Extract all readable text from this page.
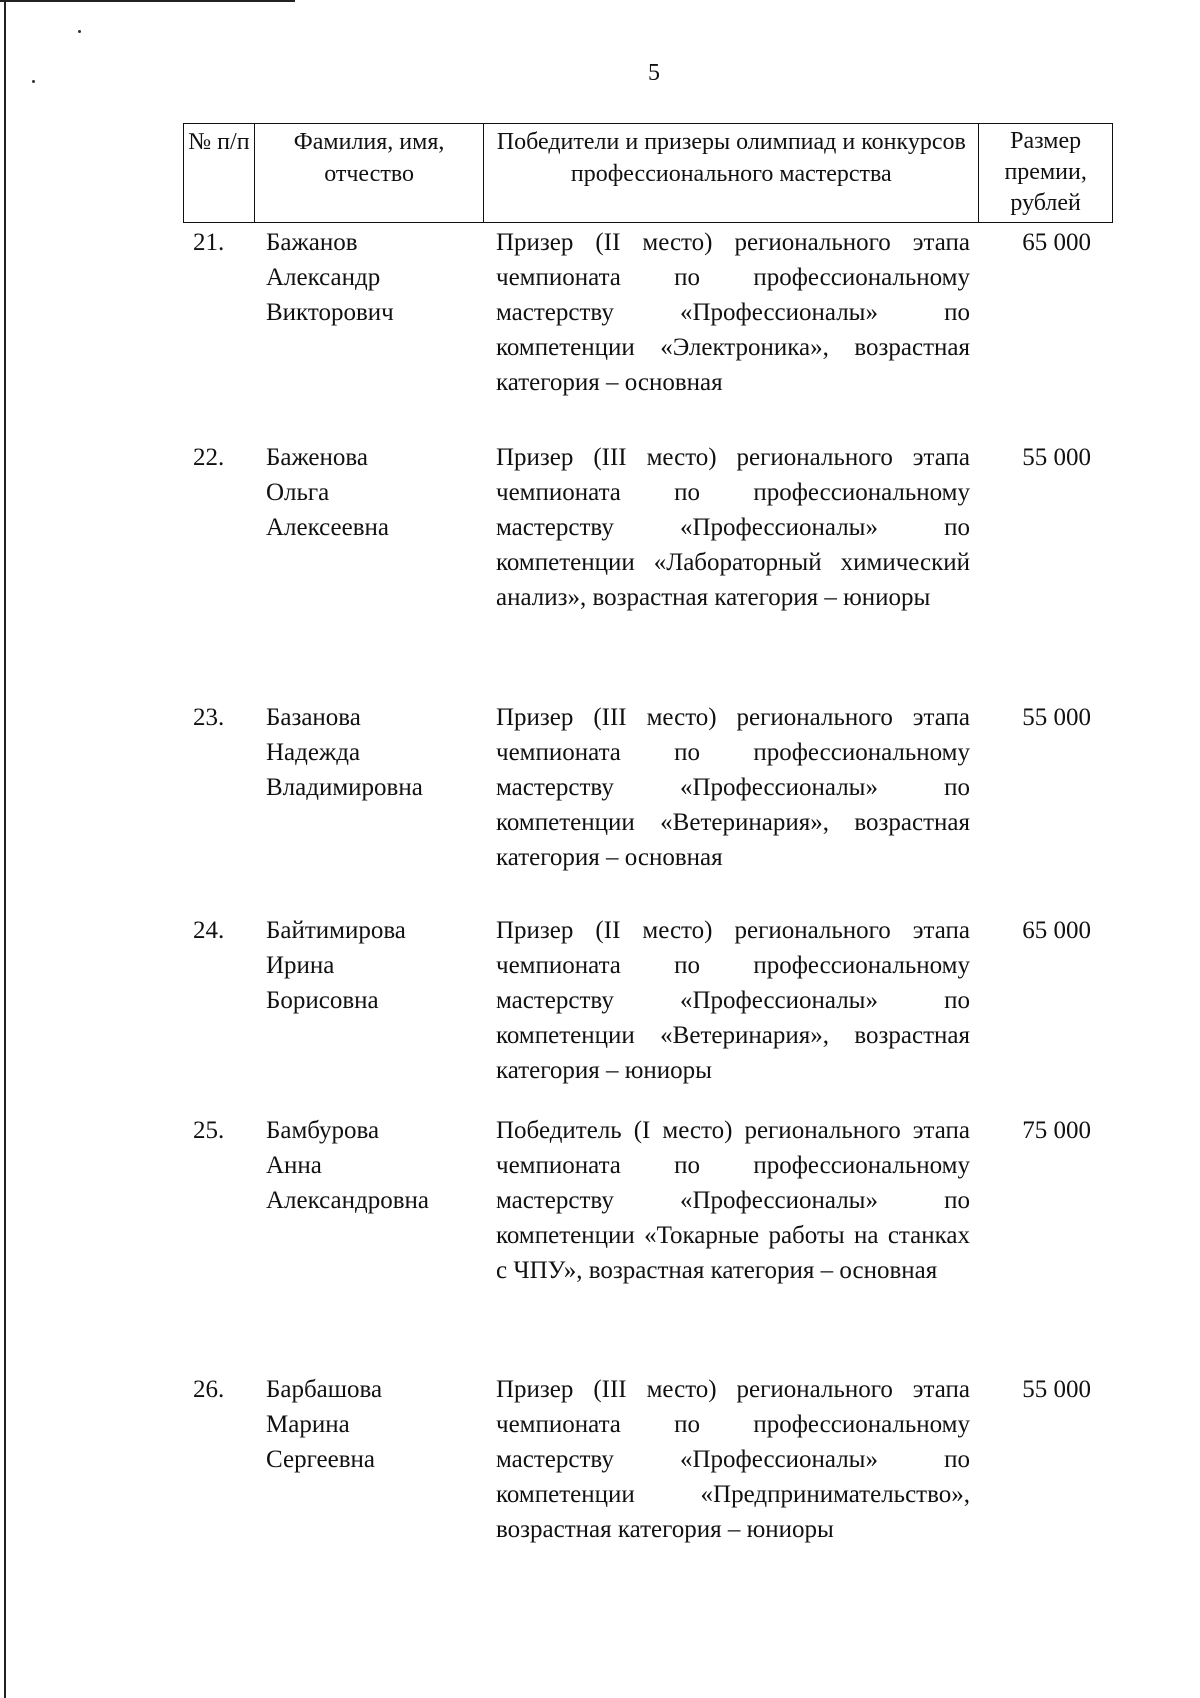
5
№ п/п	Фамилия, имя, отчество
Победители и призеры олимпиад и конкурсов профессионального мастерства
Размер премии, рублей
21. Бажанов
Александр
Викторович
Призер (II место) регионального этапа чемпионата по профессиональному мастерству «Профессионалы» по компетенции «Электроника», возрастная категория – основная
65 000
22. Баженова
Ольга
Алексеевна
Призер (III место) регионального этапа чемпионата по профессиональному мастерству «Профессионалы» по компетенции «Лабораторный химический анализ», возрастная категория – юниоры
55 000
23. Базанова
Надежда
Владимировна
Призер (III место) регионального этапа чемпионата по профессиональному мастерству «Профессионалы» по компетенции «Ветеринария», возрастная категория – основная
55 000
24. Байтимирова
Ирина
Борисовна
Призер (II место) регионального этапа чемпионата по профессиональному мастерству «Профессионалы» по компетенции «Ветеринария», возрастная категория – юниоры
65 000
25. Бамбурова
Анна
Александровна
Победитель (I место) регионального этапа чемпионата по профессиональному мастерству «Профессионалы» по компетенции «Токарные работы на станках с ЧПУ», возрастная категория – основная
75 000
26. Барбашова
Марина
Сергеевна
Призер (III место) регионального этапа чемпионата по профессиональному мастерству «Профессионалы» по компетенции «Предпринимательство», возрастная категория – юниоры
55 000
